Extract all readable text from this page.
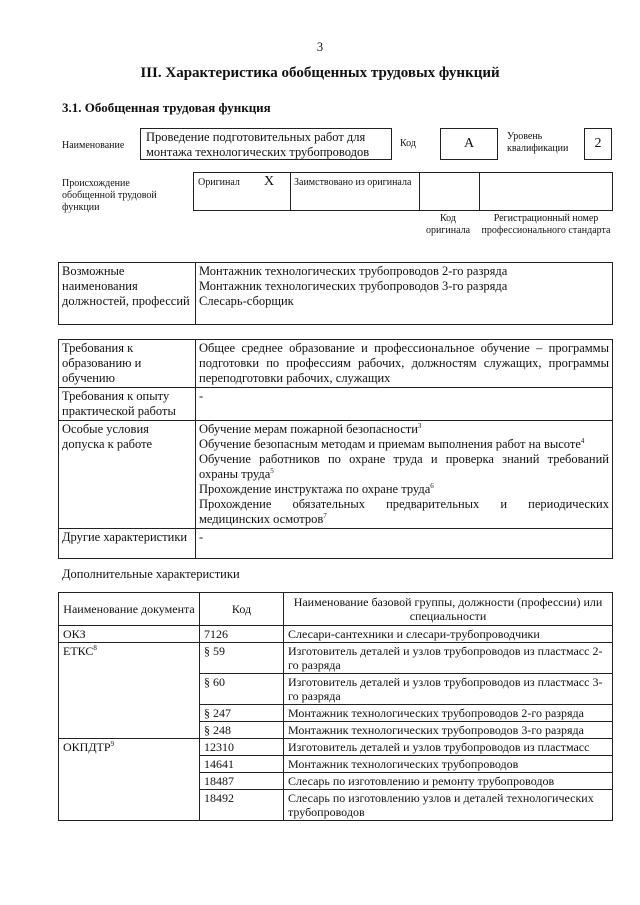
3
III. Характеристика обобщенных трудовых функций
3.1. Обобщенная трудовая функция
Наименование
Проведение подготовительных работ для монтажа технологических трубопроводов
Код	А	Уровень квалификации	2
Происхождение обобщенной трудовой функции
Оригинал X Заимствовано из оригинала
Код оригинала
Регистрационный номер профессионального стандарта
Возможные наименования должностей, профессий	
Монтажник технологических трубопроводов 2-го разряда
Монтажник технологических трубопроводов 3-го разряда
Слесарь-сборщик
Требования к образованию и обучению	Общее среднее образование и профессиональное обучение – программы подготовки по профессиям рабочих, должностям служащих, программы переподготовки рабочих, служащих
Требования к опыту практической работы	-
Особые условия допуска к работе	Обучение мерам пожарной безопасности$^3$
Обучение безопасным методам и приемам выполнения работ на высоте$^4$
Обучение работников по охране труда и проверка знаний требований охраны труда$^5$
Прохождение инструктажа по охране труда$^6$
Прохождение обязательных предварительных и периодических медицинских осмотров$^7$

Другие характеристики	-
Дополнительные характеристики
Наименование документа	Код	Наименование базовой группы, должности (профессии) или специальности
ОКЗ	7126	Слесари-сантехники и слесари-трубопроводчики
ЕТКС$^8$	§ 59	Изготовитель деталей и узлов трубопроводов из пластмасс 2-го разряда
	§ 60	Изготовитель деталей и узлов трубопроводов из пластмасс 3-го разряда
	§ 247	Монтажник технологических трубопроводов 2-го разряда
	§ 248	Монтажник технологических трубопроводов 3-го разряда
ОКПДТР$^9$	12310	Изготовитель деталей и узлов трубопроводов из пластмасс
	14641	Монтажник технологических трубопроводов
	18487	Слесарь по изготовлению и ремонту трубопроводов
	18492	Слесарь по изготовлению узлов и деталей технологических трубопроводов
